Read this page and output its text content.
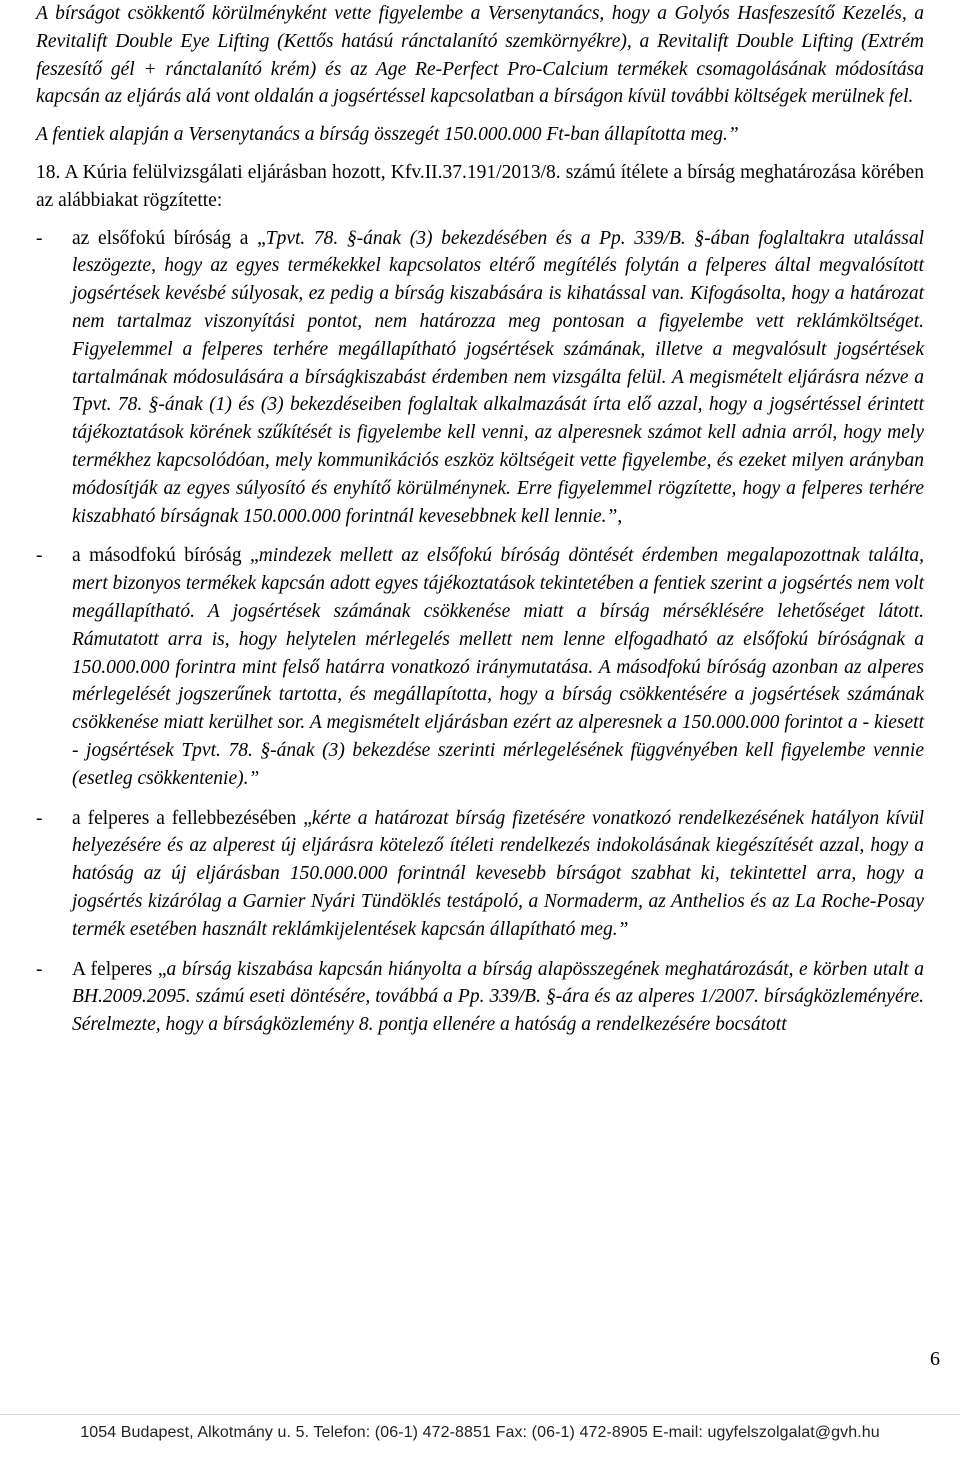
A bírságot csökkentő körülményként vette figyelembe a Versenytanács, hogy a Golyós Hasfeszesítő Kezelés, a Revitalift Double Eye Lifting (Kettős hatású ránctalanító szemkörnyékre), a Revitalift Double Lifting (Extrém feszesítő gél + ránctalanító krém) és az Age Re-Perfect Pro-Calcium termékek csomagolásának módosítása kapcsán az eljárás alá vont oldalán a jogsértéssel kapcsolatban a bírságon kívül további költségek merülnek fel.

A fentiek alapján a Versenytanács a bírság összegét 150.000.000 Ft-ban állapította meg.”

18. A Kúria felülvizsgálati eljárásban hozott, Kfv.II.37.191/2013/8. számú ítélete a bírság meghatározása körében az alábbiakat rögzítette:

- az elsőfokú bíróság a „Tpvt. 78. §-ának (3) bekezdésében és a Pp. 339/B. §-ában foglaltakra utalással leszögezte, hogy az egyes termékekkel kapcsolatos eltérő megítélés folytán a felperes által megvalósított jogsértések kevésbé súlyosak, ez pedig a bírság kiszabására is kihatással van. Kifogásolta, hogy a határozat nem tartalmaz viszonyítási pontot, nem határozza meg pontosan a figyelembe vett reklámköltséget. Figyelemmel a felperes terhére megállapítható jogsértések számának, illetve a megvalósult jogsértések tartalmának módosulására a bírságkiszabást érdemben nem vizsgálta felül. A megismételt eljárásra nézve a Tpvt. 78. §-ának (1) és (3) bekezdéseiben foglaltak alkalmazását írta elő azzal, hogy a jogsértéssel érintett tájékoztatások körének szűkítését is figyelembe kell venni, az alperesnek számot kell adnia arról, hogy mely termékhez kapcsolódóan, mely kommunikációs eszköz költségeit vette figyelembe, és ezeket milyen arányban módosítják az egyes súlyosító és enyhítő körülménynek. Erre figyelemmel rögzítette, hogy a felperes terhére kiszabható bírságnak 150.000.000 forintnál kevesebbnek kell lennie.”,

- a másodfokú bíróság „mindezek mellett az elsőfokú bíróság döntését érdemben megalapozottnak találta, mert bizonyos termékek kapcsán adott egyes tájékoztatások tekintetében a fentiek szerint a jogsértés nem volt megállapítható. A jogsértések számának csökkenése miatt a bírság mérséklésére lehetőséget látott. Rámutatott arra is, hogy helytelen mérlegelés mellett nem lenne elfogadható az elsőfokú bíróságnak a 150.000.000 forintra mint felső határra vonatkozó iránymutatása. A másodfokú bíróság azonban az alperes mérlegelését jogszerűnek tartotta, és megállapította, hogy a bírság csökkentésére a jogsértések számának csökkenése miatt kerülhet sor. A megismételt eljárásban ezért az alperesnek a 150.000.000 forintot a - kiesett - jogsértések Tpvt. 78. §-ának (3) bekezdése szerinti mérlegelésének függvényében kell figyelembe vennie (esetleg csökkentenie).”

- a felperes a fellebbezésében „kérte a határozat bírság fizetésére vonatkozó rendelkezésének hatályon kívül helyezésére és az alperest új eljárásra kötelező ítéleti rendelkezés indokolásának kiegészítését azzal, hogy a hatóság az új eljárásban 150.000.000 forintnál kevesebb bírságot szabhat ki, tekintettel arra, hogy a jogsértés kizárólag a Garnier Nyári Tündöklés testápoló, a Normaderm, az Anthelios és az La Roche-Posay termék esetében használt reklámkijelentések kapcsán állapítható meg.”

- A felperes „a bírság kiszabása kapcsán hiányolta a bírság alapösszegének meghatározását, e körben utalt a BH.2009.2095. számú eseti döntésére, továbbá a Pp. 339/B. §-ára és az alperes 1/2007. bírságközleményére. Sérelmezte, hogy a bírságközlemény 8. pontja ellenére a hatóság a rendelkezésére bocsátott

6
1054 Budapest, Alkotmány u. 5. Telefon: (06-1) 472-8851 Fax: (06-1) 472-8905 E-mail: ugyfelszolgalat@gvh.hu
